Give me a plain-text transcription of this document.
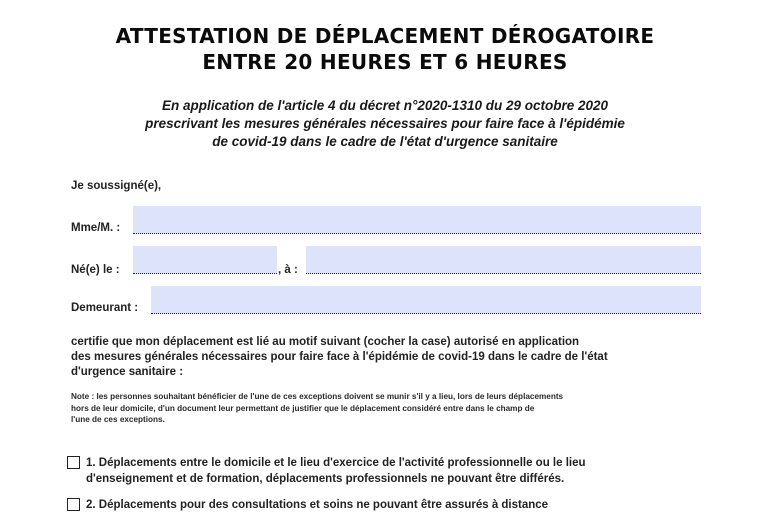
ATTESTATION DE DÉPLACEMENT DÉROGATOIRE
ENTRE 20 HEURES ET 6 HEURES
En application de l'article 4 du décret n°2020-1310 du 29 octobre 2020
prescrivant les mesures générales nécessaires pour faire face à l'épidémie
de covid-19 dans le cadre de l'état d'urgence sanitaire
Je soussigné(e),
Mme/M. :
Né(e) le :	, à :
Demeurant :
certifie que mon déplacement est lié au motif suivant (cocher la case) autorisé en application
des mesures générales nécessaires pour faire face à l'épidémie de covid-19 dans le cadre de l'état
d'urgence sanitaire :
Note : les personnes souhaitant bénéficier de l'une de ces exceptions doivent se munir s'il y a lieu, lors de leurs déplacements
hors de leur domicile, d'un document leur permettant de justifier que le déplacement considéré entre dans le champ de
l'une de ces exceptions.
1. Déplacements entre le domicile et le lieu d'exercice de l'activité professionnelle ou le lieu
d'enseignement et de formation, déplacements professionnels ne pouvant être différés.
2. Déplacements pour des consultations et soins ne pouvant être assurés à distance
